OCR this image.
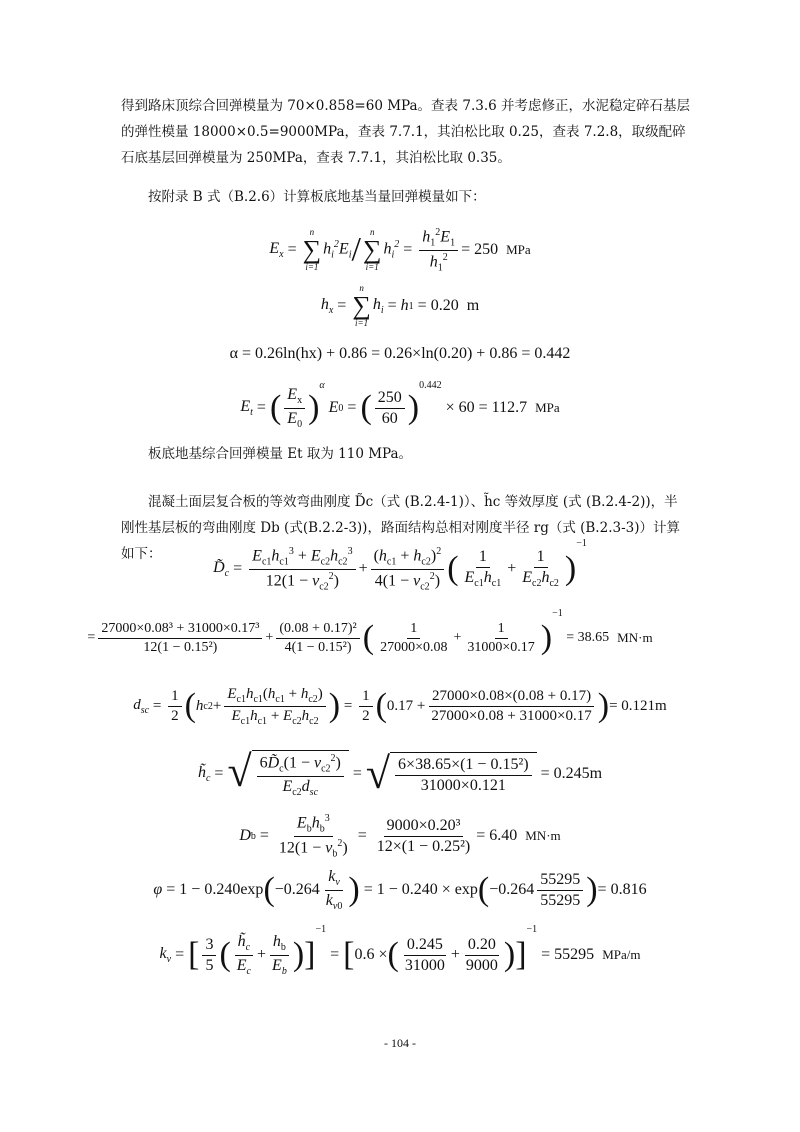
得到路床顶综合回弹模量为 70×0.858=60 MPa。查表 7.3.6 并考虑修正，水泥稳定碎石基层的弹性模量 18000×0.5=9000MPa，查表 7.7.1，其泊松比取 0.25，查表 7.2.8，取级配碎石底基层回弹模量为 250MPa，查表 7.7.1，其泊松比取 0.35。

按附录 B 式（B.2.6）计算板底地基当量回弹模量如下：

$E_x$ =
n
∑
i=1
$h_i^2E_i$ / n
∑
i=1
$h_i^2 = \frac{h_1^2E_1}{h_1^2} = 250$ MPa
$h_x$ =
n
∑
i=1
$h_i = h$ 1
= 0.20 m
α = 0.26ln(hx) + 0.86 = 0.26×ln(0.20) + 0.86 = 0.442
$E_t$ = ( $\frac{E_x}{E_0}$ )
α

E 0 = ( $\frac{250}{60}$ )
0.442

× 60 = 112.7 MPa

板底地基综合回弹模量 Et 取为 110 MPa。

混凝土面层复合板的等效弯曲刚度 D̃c（式 (B.2.4-1)）、h̃c 等效厚度 (式 (B.2.4-2))，半刚性基层板的弯曲刚度 Db (式(B.2.2-3))，路面结构总相对刚度半径 rg（式 (B.2.3-3)）计算如下：

$D̃_c = \frac{E_{c1}h_{c1}^3 + E_{c2}h_{c2}^3}{12(1 - v_{c2}^2)} + \frac{(h_{c1} + h_{c2})^2}{4(1 - v_{c2}^2)}$ ( $\frac{1}{E_{c1}h_{c1}} + \frac{1}{E_{c2}h_{c2}}$ )
−1
= $\frac{\text{27000×0.08³ + 31000×0.17³}}{\text{12(1 − 0.15²)}} + \frac{\text{(0.08 + 0.17)²}}{\text{4(1 − 0.15²)}}$ ( $\frac{1}{27000\times 0.08} + \frac{1}{31000\times 0.17}$ )
−1

= 38.65 MN·m
$d_{sc} = \frac{1}{2}$ ( h $c2 + \frac{E_{c1}h_{c1}(h_{c1} + h_{c2})}{E_{c1}h_{c1} + E_{c2}h_{c2}}$ ) = $\frac{1}{2}$ ( $0.17 + \frac{27000\times 0.08\times(0.08 + 0.17)}{27000\times 0.08 + 31000\times 0.17}$ ) = 0.121m
$h̃_c$ = √ $\frac{6D̃_c(1 - v_{c2}^2)}{E_{c2}d_{sc}}$ = √ $\frac{\text{6×38.65×(1 − 0.15²)}}{31000\times 0.121}$
= 0.245m
D $b = \frac{E_bh_b^3}{12(1 - v_b^2)} = \frac{\text{9000×0.20³}}{\text{12×(1 − 0.25²)}} = 6.40$ MN·m
φ = 1 − 0.240exp ( $-0.264 \frac{k_v}{k_{v0}}$ ) = 1 − 0.240 × exp ( $-0.264 \frac{55295}{55295}$ ) = 0.816
$k_v$ = [ $\frac{3}{5}$ ( $\frac{h̃_c}{E_c} + \frac{h_b}{E_b}$ ) ]
−1
= [ 0.6 × ( $\frac{0.245}{31000} + \frac{0.20}{9000}$ ) ]
−1

= 55295 MPa/m
- 104 -
